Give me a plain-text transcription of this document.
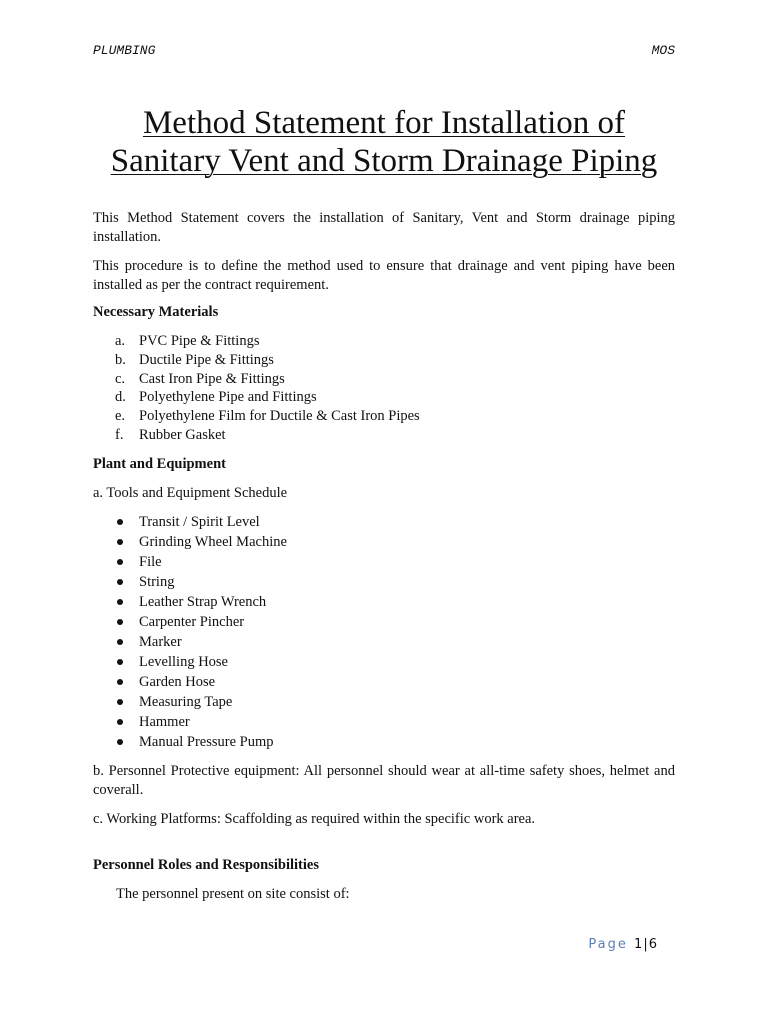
PLUMBING	MOS
Method Statement for Installation of
Sanitary Vent and Storm Drainage Piping
This Method Statement covers the installation of Sanitary, Vent and Storm drainage piping installation.
This procedure is to define the method used to ensure that drainage and vent piping have been installed as per the contract requirement.
Necessary Materials
a. PVC Pipe & Fittings
b. Ductile Pipe & Fittings
c. Cast Iron Pipe & Fittings
d. Polyethylene Pipe and Fittings
e. Polyethylene Film for Ductile & Cast Iron Pipes
f. Rubber Gasket
Plant and Equipment
a. Tools and Equipment Schedule
Transit / Spirit Level
Grinding Wheel Machine
File
String
Leather Strap Wrench
Carpenter Pincher
Marker
Levelling Hose
Garden Hose
Measuring Tape
Hammer
Manual Pressure Pump
b. Personnel Protective equipment: All personnel should wear at all-time safety shoes, helmet and coverall.
c. Working Platforms: Scaffolding as required within the specific work area.
Personnel Roles and Responsibilities
The personnel present on site consist of:
Page 1|6
